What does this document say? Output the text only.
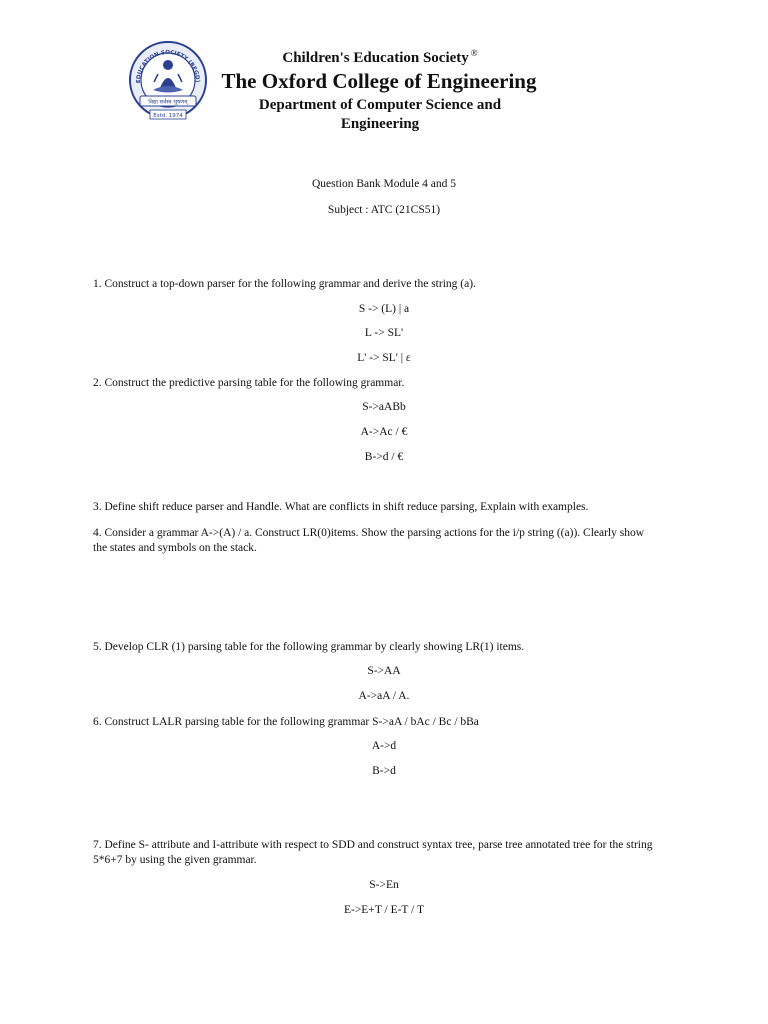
EDUCATION SOCIETY (REGD)
विद्या सर्वस्व भूषणम्
Estd. 1974
Children's Education Society ®
The Oxford College of Engineering
Department of Computer Science and
Engineering
Question Bank Module 4 and 5
Subject : ATC (21CS51)
1. Construct a top-down parser for the following grammar and derive the string (a).
S -> (L) | a
L -> SL'
L' -> SL' | ε
2. Construct the predictive parsing table for the following grammar.
S->aABb
A->Ac / €
B->d / €
3. Define shift reduce parser and Handle. What are conflicts in shift reduce parsing, Explain with examples.
4. Consider a grammar A->(A) / a. Construct LR(0)items. Show the parsing actions for the i/p string ((a)). Clearly show the states and symbols on the stack.
5. Develop CLR (1) parsing table for the following grammar by clearly showing LR(1) items.
S->AA
A->aA / A.
6. Construct LALR parsing table for the following grammar S->aA / bAc / Bc / bBa
A->d
B->d
7. Define S- attribute and I-attribute with respect to SDD and construct syntax tree, parse tree annotated tree for the string 5*6+7 by using the given grammar.
S->En
E->E+T / E-T / T
